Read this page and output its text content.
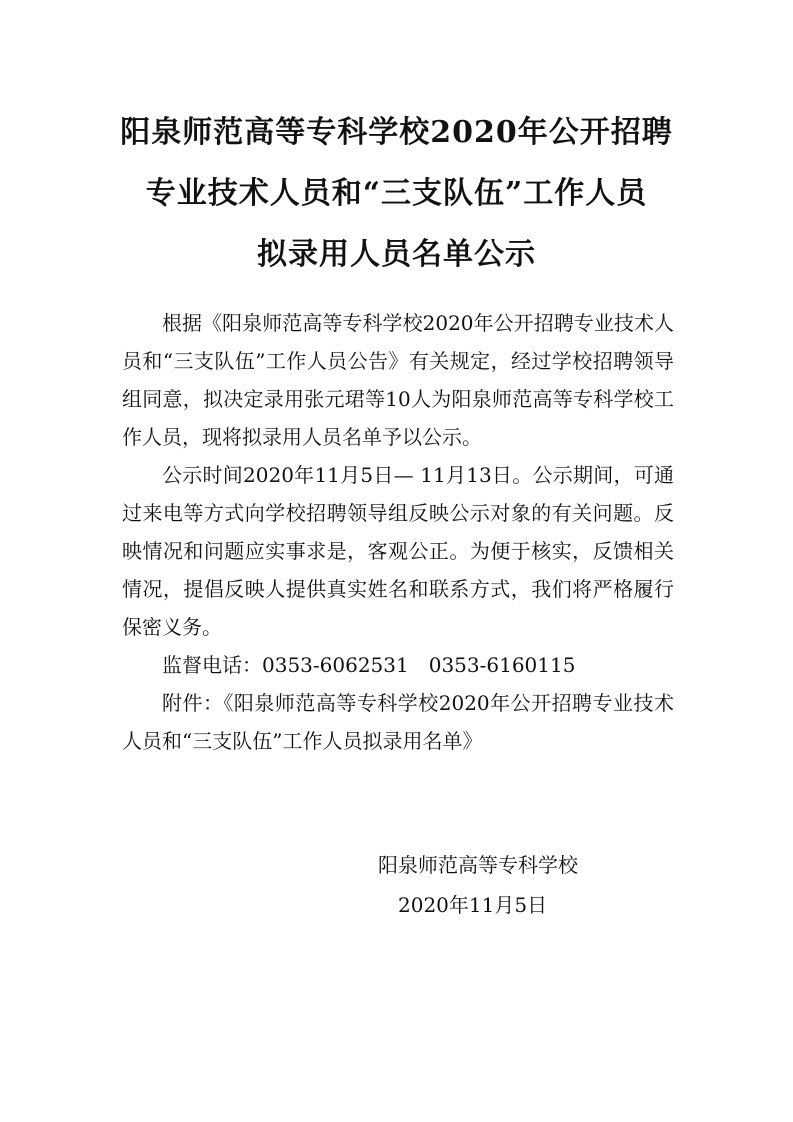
阳泉师范高等专科学校2020年公开招聘
专业技术人员和“三支队伍”工作人员
拟录用人员名单公示

根据《阳泉师范高等专科学校2020年公开招聘专业技术人员和“三支队伍”工作人员公告》有关规定，经过学校招聘领导组同意，拟决定录用张元珺等10人为阳泉师范高等专科学校工作人员，现将拟录用人员名单予以公示。

公示时间2020年11月5日— 11月13日。公示期间，可通过来电等方式向学校招聘领导组反映公示对象的有关问题。反映情况和问题应实事求是，客观公正。为便于核实，反馈相关情况，提倡反映人提供真实姓名和联系方式，我们将严格履行保密义务。

监督电话：0353-6062531　0353-6160115

附件：《阳泉师范高等专科学校2020年公开招聘专业技术人员和“三支队伍”工作人员拟录用名单》

阳泉师范高等专科学校
2020年11月5日
